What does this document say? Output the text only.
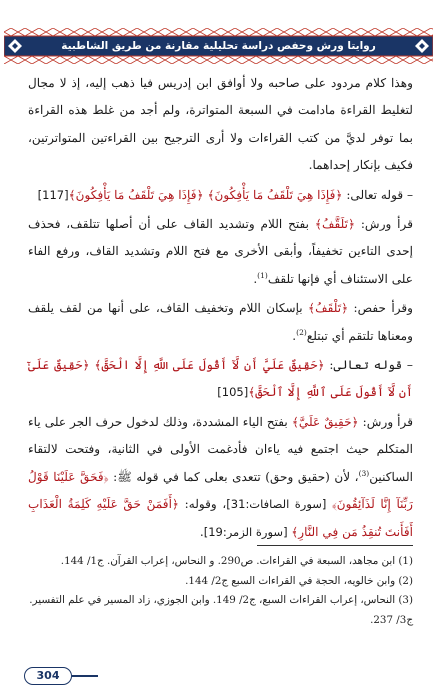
روايتا ورش وحفص دراسة تحليلية مقارنة من طريق الشاطبية

وهذا كلام مردود على صاحبه ولا أوافق ابن إدريس فيا ذهب إليه، إذ لا مجال لتغليط القراءة مادامت في السبعة المتواترة، ولم أجد من غلط هذه القراءة بما توفر لديَّ من كتب القراءات ولا أرى الترجيح بين القراءتين المتواترتين، فكيف بإنكار إحداهما.

– قوله تعالى: ﴿فَإِذَا هِيَ تَلْقَفُ مَا يَأْفِكُونَ﴾ ﴿فَإِذَا هِيَ تَلْقَفُ مَا يَأْفِكُونَ﴾[117]

قرأ ورش: ﴿تَلَقَّفُ﴾ بفتح اللام وتشديد القاف على أن أصلها تتلقف، فحذف إحدى التاءين تخفيفاً، وأبقى الأخرى مع فتح اللام وتشديد القاف، ورفع الفاء على الاستئناف أي فإنها تلقف$^{(1)}$.

وقرأ حفص: ﴿تَلْقَفُ﴾ بإسكان اللام وتخفيف القاف، على أنها من لقف يلقف ومعناها تلتقم أي تبتلع$^{(2)}$.

– قوله تعالى: ﴿حَقِيقٌ عَلَيَّ أَن لَّآ أَقُولَ عَلَى اللَّهِ إِلَّا الْحَقَّ﴾ ﴿حَقِيقٌ عَلَىٰٓ أَن لَّآ أَقُولَ عَلَى ٱللَّهِ إِلَّا ٱلْحَقَّ﴾[105]

قرأ ورش: ﴿حَقِيقٌ عَلَيَّ﴾ بفتح الياء المشددة، وذلك لدخول حرف الجر على ياء المتكلم حيث اجتمع فيه ياءان فأدغمت الأولى في الثانية، وفتحت لالتقاء الساكنين$^{(3)}$، لأن (حقيق وحق) تتعدى بعلى كما في قوله ﷺ: ﴿فَحَقَّ عَلَيْنَا قَوْلُ رَبِّنَآ إِنَّا لَذَآئِقُونَ﴾ [سورة الصافات:31]، وقوله: ﴿أَفَمَنْ حَقَّ عَلَيْهِ كَلِمَةُ الْعَذَابِ أَفَأَنتَ تُنقِذُ مَن فِي النَّارِ﴾ [سورة الزمر:19].

(1) ابن مجاهد، السبعة في القراءات. ص290. و النحاس، إعراب القرآن. ج1/ 144.

(2) وابن خالويه، الحجة في القراءات السبع ج2/ 144.

(3) النحاس، إعراب القراءات السبع، ج2/ 149. وابن الجوزي، زاد المسير في علم التفسير. ج3/ 237.

304
